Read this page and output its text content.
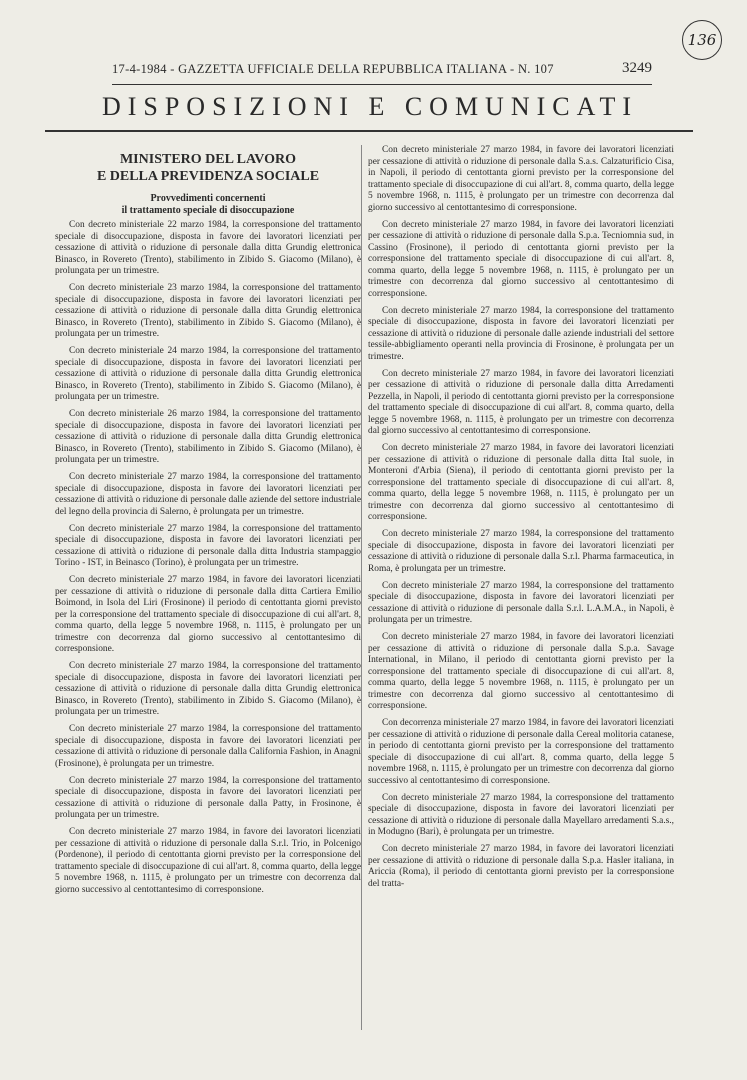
136
17-4-1984 - GAZZETTA UFFICIALE DELLA REPUBBLICA ITALIANA - N. 107	3249
DISPOSIZIONI E COMUNICATI
MINISTERO DEL LAVORO
E DELLA PREVIDENZA SOCIALE

Provvedimenti concernenti

il trattamento speciale di disoccupazione

Con decreto ministeriale 22 marzo 1984, la corresponsione del trattamento speciale di disoccupazione, disposta in favore dei lavoratori licenziati per cessazione di attività o riduzione di personale dalla ditta Grundig elettronica Binasco, in Rovereto (Trento), stabilimento in Zibido S. Giacomo (Milano), è prolungata per un trimestre.

Con decreto ministeriale 23 marzo 1984, la corresponsione del trattamento speciale di disoccupazione, disposta in favore dei lavoratori licenziati per cessazione di attività o riduzione di personale dalla ditta Grundig elettronica Binasco, in Rovereto (Trento), stabilimento in Zibido S. Giacomo (Milano), è prolungata per un trimestre.

Con decreto ministeriale 24 marzo 1984, la corresponsione del trattamento speciale di disoccupazione, disposta in favore dei lavoratori licenziati per cessazione di attività o riduzione di personale dalla ditta Grundig elettronica Binasco, in Rovereto (Trento), stabilimento in Zibido S. Giacomo (Milano), è prolungata per un trimestre.

Con decreto ministeriale 26 marzo 1984, la corresponsione del trattamento speciale di disoccupazione, disposta in favore dei lavoratori licenziati per cessazione di attività o riduzione di personale dalla ditta Grundig elettronica Binasco, in Rovereto (Trento), stabilimento in Zibido S. Giacomo (Milano), è prolungata per un trimestre.

Con decreto ministeriale 27 marzo 1984, la corresponsione del trattamento speciale di disoccupazione, disposta in favore dei lavoratori licenziati per cessazione di attività o riduzione di personale dalle aziende del settore industriale del legno della provincia di Salerno, è prolungata per un trimestre.

Con decreto ministeriale 27 marzo 1984, la corresponsione del trattamento speciale di disoccupazione, disposta in favore dei lavoratori licenziati per cessazione di attività o riduzione di personale dalla ditta Industria stampaggio Torino - IST, in Beinasco (Torino), è prolungata per un trimestre.

Con decreto ministeriale 27 marzo 1984, in favore dei lavoratori licenziati per cessazione di attività o riduzione di personale dalla ditta Cartiera Emilio Boimond, in Isola del Liri (Frosinone) il periodo di centottanta giorni previsto per la corresponsione del trattamento speciale di disoccupazione di cui all'art. 8, comma quarto, della legge 5 novembre 1968, n. 1115, è prolungato per un trimestre con decorrenza dal giorno successivo al centottantesimo di corresponsione.

Con decreto ministeriale 27 marzo 1984, la corresponsione del trattamento speciale di disoccupazione, disposta in favore dei lavoratori licenziati per cessazione di attività o riduzione di personale dalla ditta Grundig elettronica Binasco, in Rovereto (Trento), stabilimento in Zibido S. Giacomo (Milano), è prolungata per un trimestre.

Con decreto ministeriale 27 marzo 1984, la corresponsione del trattamento speciale di disoccupazione, disposta in favore dei lavoratori licenziati per cessazione di attività o riduzione di personale dalla California Fashion, in Anagni (Frosinone), è prolungata per un trimestre.

Con decreto ministeriale 27 marzo 1984, la corresponsione del trattamento speciale di disoccupazione, disposta in favore dei lavoratori licenziati per cessazione di attività o riduzione di personale dalla Patty, in Frosinone, è prolungata per un trimestre.

Con decreto ministeriale 27 marzo 1984, in favore dei lavoratori licenziati per cessazione di attività o riduzione di personale dalla S.r.l. Trio, in Polcenigo (Pordenone), il periodo di centottanta giorni previsto per la corresponsione del trattamento speciale di disoccupazione di cui all'art. 8, comma quarto, della legge 5 novembre 1968, n. 1115, è prolungato per un trimestre con decorrenza dal giorno successivo al centottantesimo di corresponsione.

Con decreto ministeriale 27 marzo 1984, in favore dei lavoratori licenziati per cessazione di attività o riduzione di personale dalla S.a.s. Calzaturificio Cisa, in Napoli, il periodo di centottanta giorni previsto per la corresponsione del trattamento speciale di disoccupazione di cui all'art. 8, comma quarto, della legge 5 novembre 1968, n. 1115, è prolungato per un trimestre con decorrenza dal giorno successivo al centottantesimo di corresponsione.

Con decreto ministeriale 27 marzo 1984, in favore dei lavoratori licenziati per cessazione di attività o riduzione di personale dalla S.p.a. Tecniomnia sud, in Cassino (Frosinone), il periodo di centottanta giorni previsto per la corresponsione del trattamento speciale di disoccupazione di cui all'art. 8, comma quarto, della legge 5 novembre 1968, n. 1115, è prolungato per un trimestre con decorrenza dal giorno successivo al centottantesimo di corresponsione.

Con decreto ministeriale 27 marzo 1984, la corresponsione del trattamento speciale di disoccupazione, disposta in favore dei lavoratori licenziati per cessazione di attività o riduzione di personale dalle aziende industriali del settore tessile-abbigliamento operanti nella provincia di Frosinone, è prolungata per un trimestre.

Con decreto ministeriale 27 marzo 1984, in favore dei lavoratori licenziati per cessazione di attività o riduzione di personale dalla ditta Arredamenti Pezzella, in Napoli, il periodo di centottanta giorni previsto per la corresponsione del trattamento speciale di disoccupazione di cui all'art. 8, comma quarto, della legge 5 novembre 1968, n. 1115, è prolungato per un trimestre con decorrenza dal giorno successivo al centottantesimo di corresponsione.

Con decreto ministeriale 27 marzo 1984, in favore dei lavoratori licenziati per cessazione di attività o riduzione di personale dalla ditta Ital suole, in Monteroni d'Arbia (Siena), il periodo di centottanta giorni previsto per la corresponsione del trattamento speciale di disoccupazione di cui all'art. 8, comma quarto, della legge 5 novembre 1968, n. 1115, è prolungato per un trimestre con decorrenza dal giorno successivo al centottantesimo di corresponsione.

Con decreto ministeriale 27 marzo 1984, la corresponsione del trattamento speciale di disoccupazione, disposta in favore dei lavoratori licenziati per cessazione di attività o riduzione di personale dalla S.r.l. Pharma farmaceutica, in Roma, è prolungata per un trimestre.

Con decreto ministeriale 27 marzo 1984, la corresponsione del trattamento speciale di disoccupazione, disposta in favore dei lavoratori licenziati per cessazione di attività o riduzione di personale dalla S.r.l. L.A.M.A., in Napoli, è prolungata per un trimestre.

Con decreto ministeriale 27 marzo 1984, in favore dei lavoratori licenziati per cessazione di attività o riduzione di personale dalla S.p.a. Savage International, in Milano, il periodo di centottanta giorni previsto per la corresponsione del trattamento speciale di disoccupazione di cui all'art. 8, comma quarto, della legge 5 novembre 1968, n. 1115, è prolungato per un trimestre con decorrenza dal giorno successivo al centottantesimo di corresponsione.

Con decorrenza ministeriale 27 marzo 1984, in favore dei lavoratori licenziati per cessazione di attività o riduzione di personale dalla Cereal molitoria catanese, in periodo di centottanta giorni previsto per la corresponsione del trattamento speciale di disoccupazione di cui all'art. 8, comma quarto, della legge 5 novembre 1968, n. 1115, è prolungato per un trimestre con decorrenza dal giorno successivo al centottantesimo di corresponsione.

Con decreto ministeriale 27 marzo 1984, la corresponsione del trattamento speciale di disoccupazione, disposta in favore dei lavoratori licenziati per cessazione di attività o riduzione di personale dalla Mayellaro arredamenti S.a.s., in Modugno (Bari), è prolungata per un trimestre.

Con decreto ministeriale 27 marzo 1984, in favore dei lavoratori licenziati per cessazione di attività o riduzione di personale dalla S.p.a. Hasler italiana, in Ariccia (Roma), il periodo di centottanta giorni previsto per la corresponsione del tratta-
